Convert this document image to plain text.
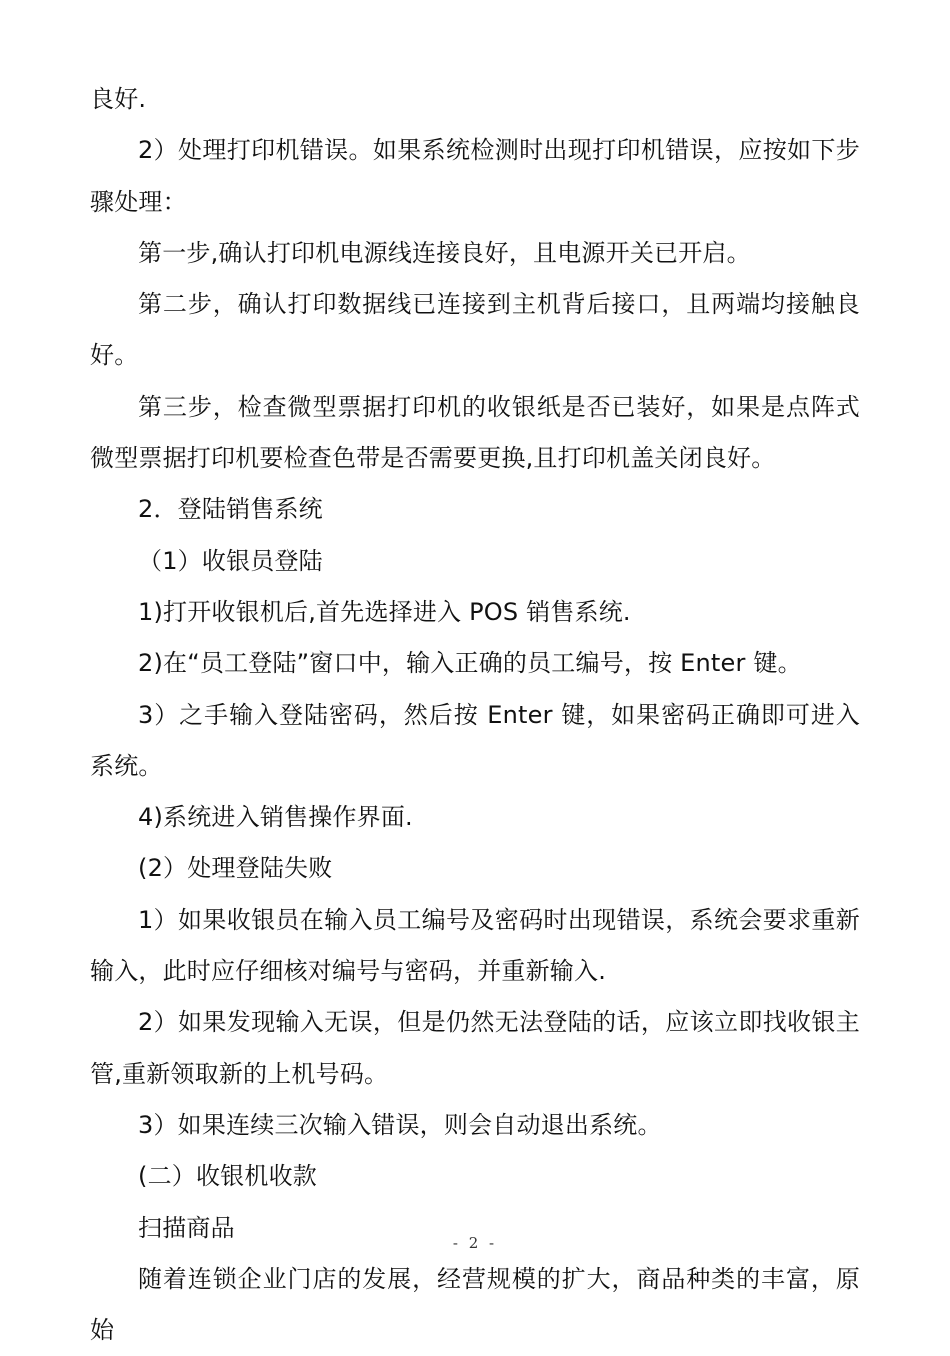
良好.

2）处理打印机错误。如果系统检测时出现打印机错误，应按如下步骤处理：

第一步,确认打印机电源线连接良好，且电源开关已开启。

第二步，确认打印数据线已连接到主机背后接口，且两端均接触良好。

第三步，检查微型票据打印机的收银纸是否已装好，如果是点阵式微型票据打印机要检查色带是否需要更换,且打印机盖关闭良好。

2．登陆销售系统

（1）收银员登陆

1)打开收银机后,首先选择进入 POS 销售系统.

2)在“员工登陆”窗口中，输入正确的员工编号，按 Enter 键。

3）之手输入登陆密码，然后按 Enter 键，如果密码正确即可进入系统。

4)系统进入销售操作界面.

(2）处理登陆失败

1）如果收银员在输入员工编号及密码时出现错误，系统会要求重新输入，此时应仔细核对编号与密码，并重新输入.

2）如果发现输入无误，但是仍然无法登陆的话，应该立即找收银主管,重新领取新的上机号码。

3）如果连续三次输入错误，则会自动退出系统。

(二）收银机收款

扫描商品

随着连锁企业门店的发展，经营规模的扩大，商品种类的丰富，原始

- 2 -
